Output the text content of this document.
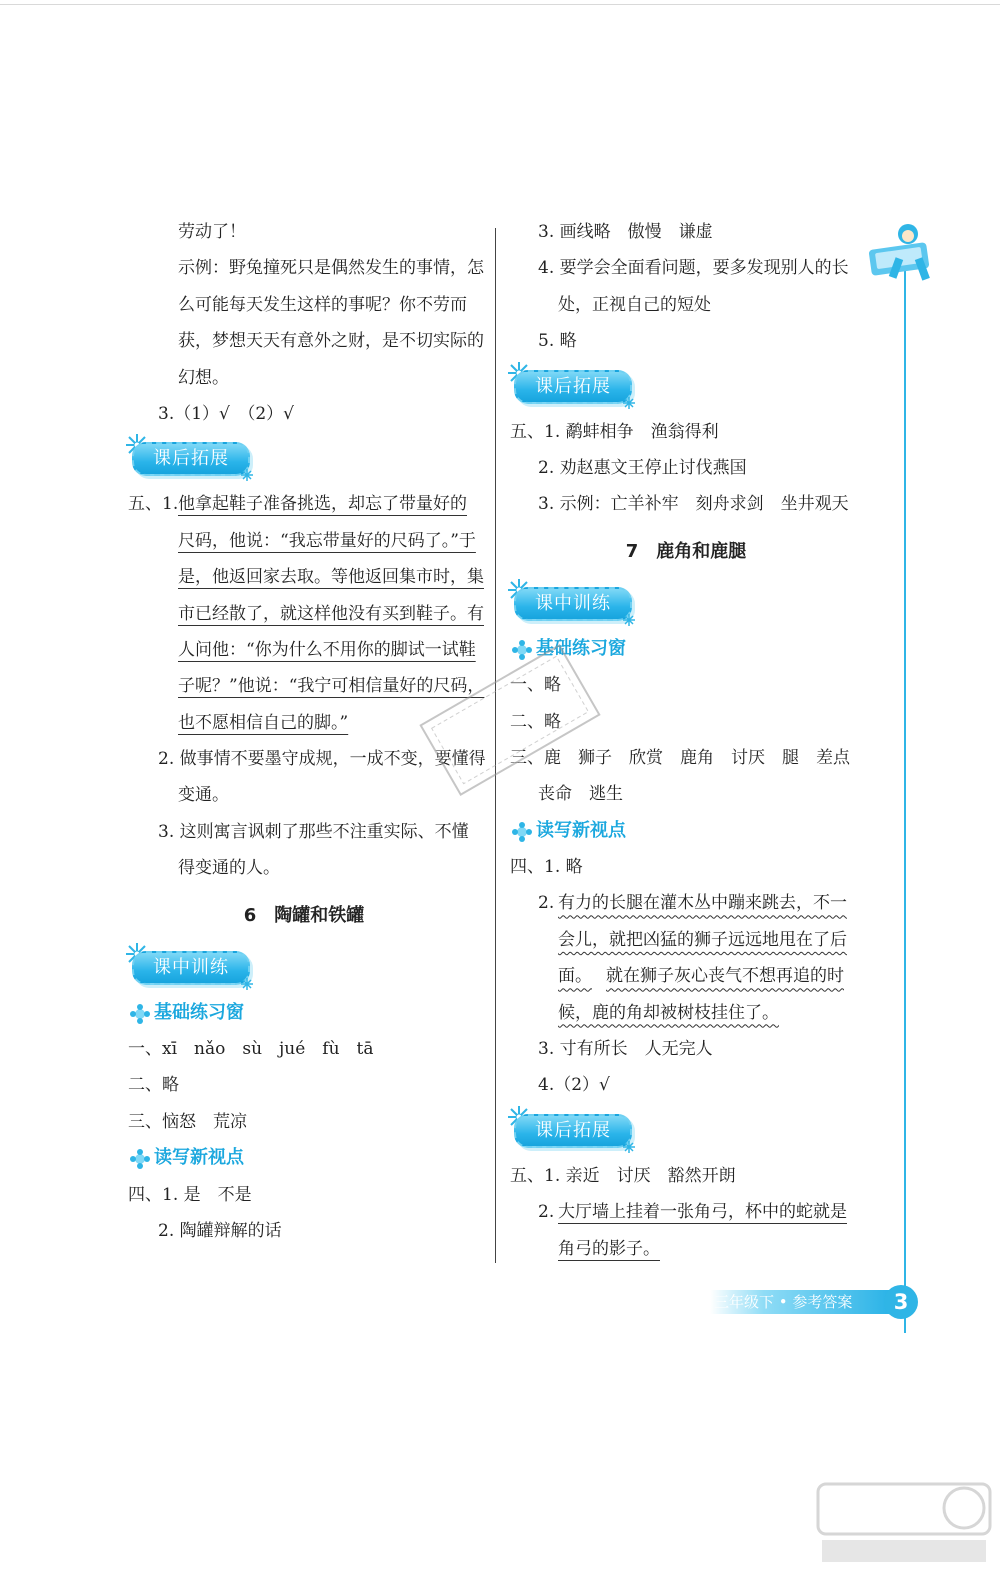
劳动了！
示例：野兔撞死只是偶然发生的事情，怎
么可能每天发生这样的事呢？你不劳而
获，梦想天天有意外之财，是不切实际的
幻想。
3.（1）√　（2）√
课后拓展
五、1. 他拿起鞋子准备挑选，却忘了带量好的
尺码，他说：“我忘带量好的尺码了。”于
是，他返回家去取。等他返回集市时，集
市已经散了，就这样他没有买到鞋子。有
人问他：“你为什么不用你的脚试一试鞋
子呢？”他说：“我宁可相信量好的尺码，
也不愿相信自己的脚。”
2. 做事情不要墨守成规，一成不变，要懂得
变通。
3. 这则寓言讽刺了那些不注重实际、不懂
得变通的人。
6　陶罐和铁罐
课中训练
基础练习窗
一、xī　nǎo　sù　jué　fù　tā
二、略
三、恼怒　荒凉
读写新视点
四、1. 是　不是
2. 陶罐辩解的话
3. 画线略　傲慢　谦虚
4. 要学会全面看问题，要多发现别人的长
处，正视自己的短处
5. 略
课后拓展
五、1. 鹬蚌相争　渔翁得利
2. 劝赵惠文王停止讨伐燕国
3. 示例：亡羊补牢　刻舟求剑　坐井观天
7　鹿角和鹿腿
课中训练
基础练习窗
一、略
二、略
三、鹿　狮子　欣赏　鹿角　讨厌　腿　差点
丧命　逃生
读写新视点
四、1. 略
2. 有力的长腿在灌木丛中蹦来跳去，不一
会儿，就把凶猛的狮子远远地甩在了后
面。 就在狮子灰心丧气不想再追的时
候，鹿的角却被树枝挂住了。
3. 寸有所长　人无完人
4.（2）√
课后拓展
五、1. 亲近　讨厌　豁然开朗
2. 大厅墙上挂着一张角弓，杯中的蛇就是
角弓的影子。
三年级下 • 参考答案	3
